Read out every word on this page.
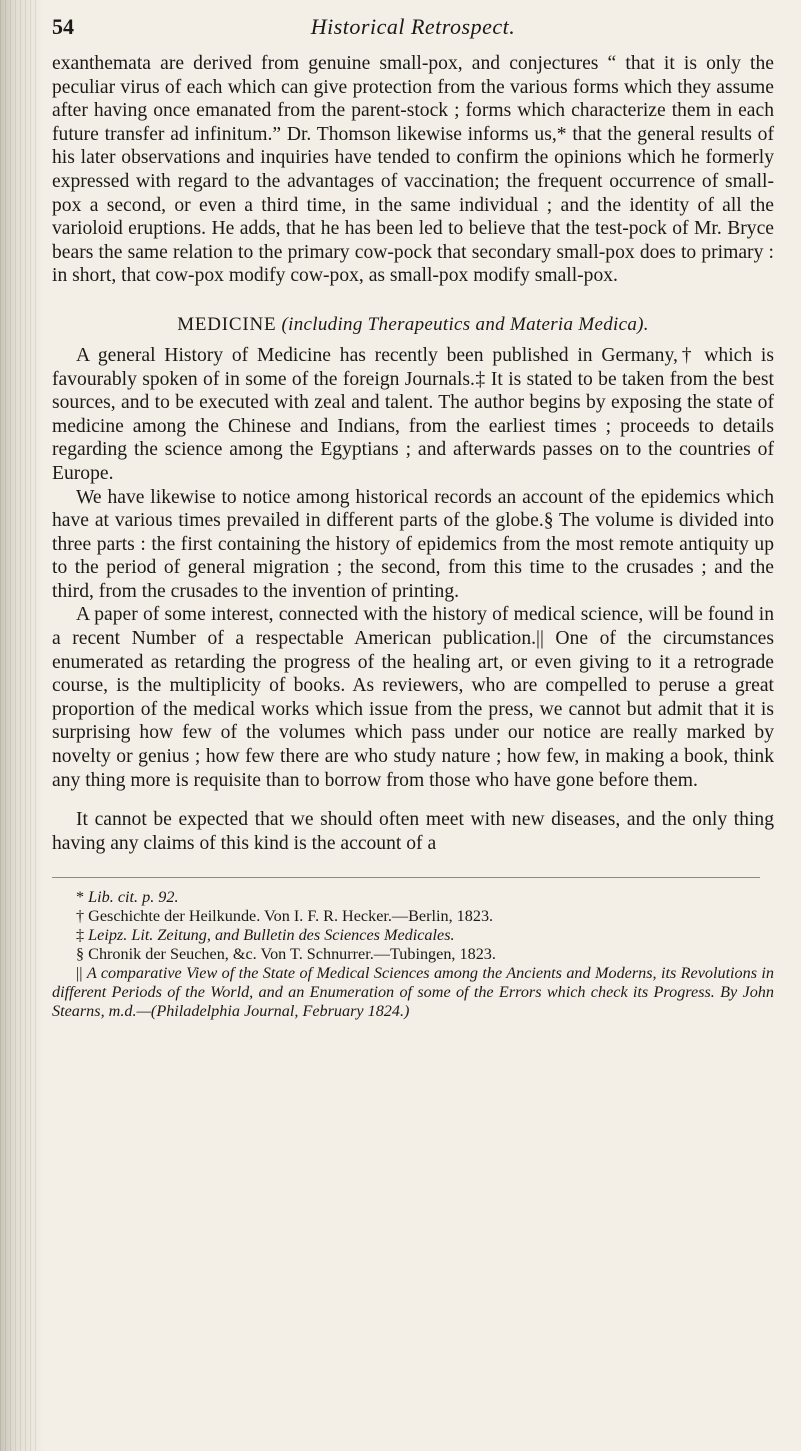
54	Historical Retrospect.

exanthemata are derived from genuine small-pox, and conjectures “ that it is only the peculiar virus of each which can give protection from the various forms which they assume after having once emanated from the parent-stock ; forms which characterize them in each future transfer ad infinitum.” Dr. Thomson likewise informs us,* that the general results of his later observations and inquiries have tended to confirm the opinions which he formerly expressed with regard to the advantages of vaccination; the frequent occurrence of small-pox a second, or even a third time, in the same individual ; and the identity of all the varioloid eruptions. He adds, that he has been led to believe that the test-pock of Mr. Bryce bears the same relation to the primary cow-pock that secondary small-pox does to primary : in short, that cow-pox modify cow-pox, as small-pox modify small-pox.

MEDICINE (including Therapeutics and Materia Medica).

A general History of Medicine has recently been published in Germany,† which is favourably spoken of in some of the foreign Journals.‡ It is stated to be taken from the best sources, and to be executed with zeal and talent. The author begins by exposing the state of medicine among the Chinese and Indians, from the earliest times ; proceeds to details regarding the science among the Egyptians ; and afterwards passes on to the countries of Europe.

We have likewise to notice among historical records an account of the epidemics which have at various times prevailed in different parts of the globe.§ The volume is divided into three parts : the first containing the history of epidemics from the most remote antiquity up to the period of general migration ; the second, from this time to the crusades ; and the third, from the crusades to the invention of printing.

A paper of some interest, connected with the history of medical science, will be found in a recent Number of a respectable American publication.|| One of the circumstances enumerated as retarding the progress of the healing art, or even giving to it a retrograde course, is the multiplicity of books. As reviewers, who are compelled to peruse a great proportion of the medical works which issue from the press, we cannot but admit that it is surprising how few of the volumes which pass under our notice are really marked by novelty or genius ; how few there are who study nature ; how few, in making a book, think any thing more is requisite than to borrow from those who have gone before them.

It cannot be expected that we should often meet with new diseases, and the only thing having any claims of this kind is the account of a

* Lib. cit. p. 92.

† Geschichte der Heilkunde. Von I. F. R. Hecker.—Berlin, 1823.

‡ Leipz. Lit. Zeitung, and Bulletin des Sciences Medicales.

§ Chronik der Seuchen, &c. Von T. Schnurrer.—Tubingen, 1823.

|| A comparative View of the State of Medical Sciences among the Ancients and Moderns, its Revolutions in different Periods of the World, and an Enumeration of some of the Errors which check its Progress. By John Stearns, m.d.—(Philadelphia Journal, February 1824.)
